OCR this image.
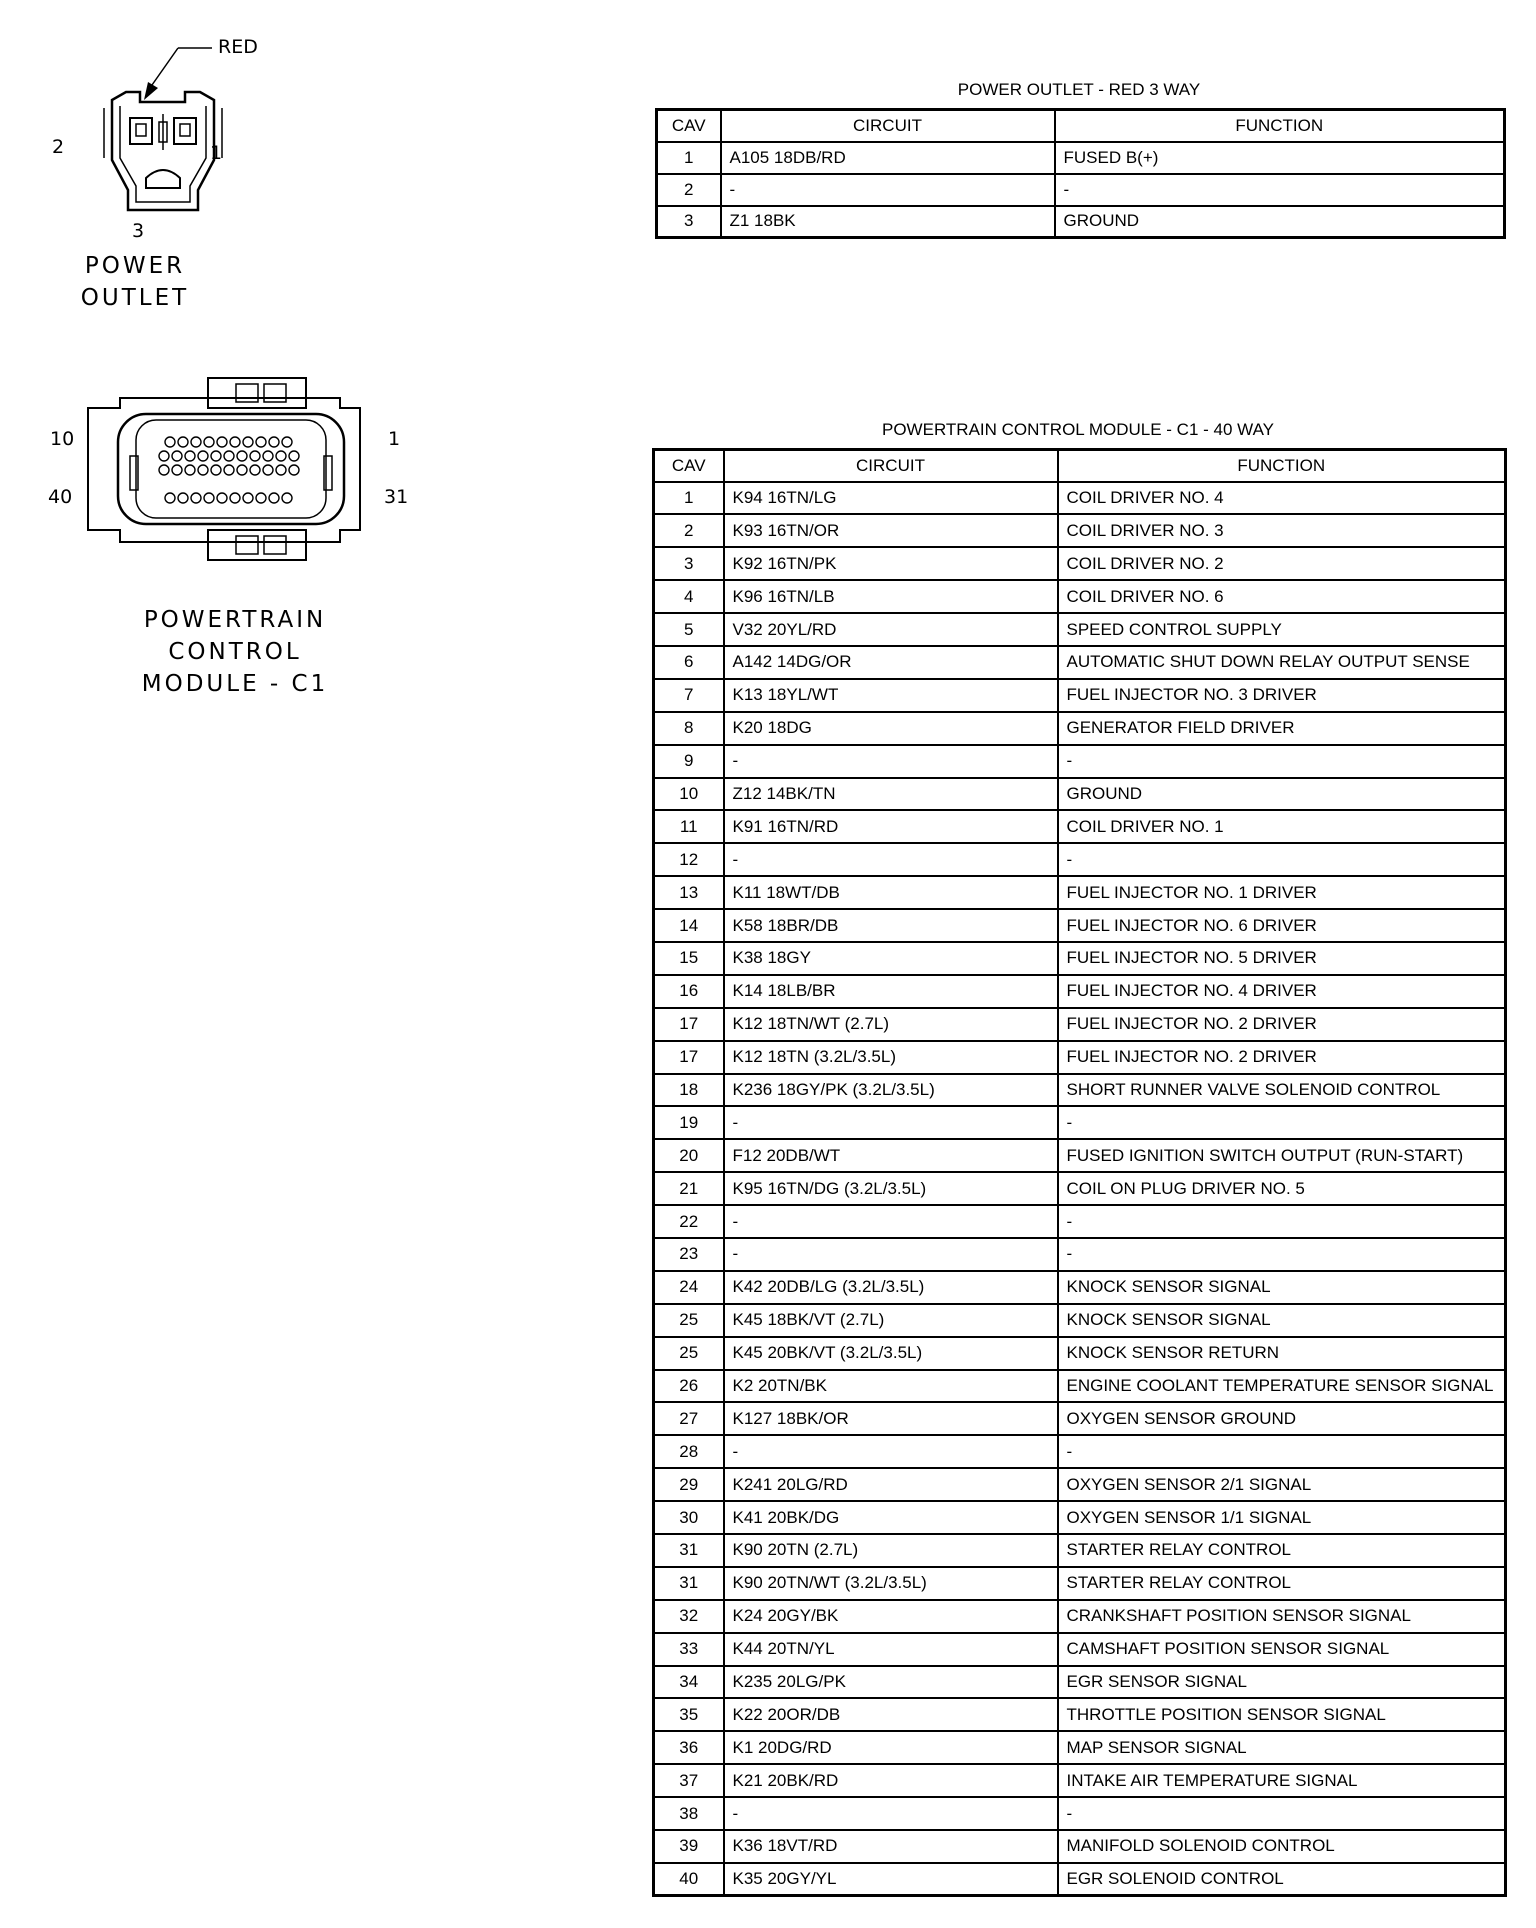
RED
2	1
3
POWER
OUTLET
10	1
40	31
POWERTRAIN
CONTROL
MODULE - C1
POWER OUTLET - RED 3 WAY
CAV	CIRCUIT	FUNCTION
1	A105 18DB/RD	FUSED B(+)
2	-	-
3	Z1 18BK	GROUND
POWERTRAIN CONTROL MODULE - C1 - 40 WAY
CAV	CIRCUIT	FUNCTION
1	K94 16TN/LG	COIL DRIVER NO. 4
2	K93 16TN/OR	COIL DRIVER NO. 3
3	K92 16TN/PK	COIL DRIVER NO. 2
4	K96 16TN/LB	COIL DRIVER NO. 6
5	V32 20YL/RD	SPEED CONTROL SUPPLY
6	A142 14DG/OR	AUTOMATIC SHUT DOWN RELAY OUTPUT SENSE
7	K13 18YL/WT	FUEL INJECTOR NO. 3 DRIVER
8	K20 18DG	GENERATOR FIELD DRIVER
9	-	-
10	Z12 14BK/TN	GROUND
11	K91 16TN/RD	COIL DRIVER NO. 1
12	-	-
13	K11 18WT/DB	FUEL INJECTOR NO. 1 DRIVER
14	K58 18BR/DB	FUEL INJECTOR NO. 6 DRIVER
15	K38 18GY	FUEL INJECTOR NO. 5 DRIVER
16	K14 18LB/BR	FUEL INJECTOR NO. 4 DRIVER
17	K12 18TN/WT (2.7L)	FUEL INJECTOR NO. 2 DRIVER
17	K12 18TN (3.2L/3.5L)	FUEL INJECTOR NO. 2 DRIVER
18	K236 18GY/PK (3.2L/3.5L)	SHORT RUNNER VALVE SOLENOID CONTROL
19	-	-
20	F12 20DB/WT	FUSED IGNITION SWITCH OUTPUT (RUN-START)
21	K95 16TN/DG (3.2L/3.5L)	COIL ON PLUG DRIVER NO. 5
22	-	-
23	-	-
24	K42 20DB/LG (3.2L/3.5L)	KNOCK SENSOR SIGNAL
25	K45 18BK/VT (2.7L)	KNOCK SENSOR SIGNAL
25	K45 20BK/VT (3.2L/3.5L)	KNOCK SENSOR RETURN
26	K2 20TN/BK	ENGINE COOLANT TEMPERATURE SENSOR SIGNAL
27	K127 18BK/OR	OXYGEN SENSOR GROUND
28	-	-
29	K241 20LG/RD	OXYGEN SENSOR 2/1 SIGNAL
30	K41 20BK/DG	OXYGEN SENSOR 1/1 SIGNAL
31	K90 20TN (2.7L)	STARTER RELAY CONTROL
31	K90 20TN/WT (3.2L/3.5L)	STARTER RELAY CONTROL
32	K24 20GY/BK	CRANKSHAFT POSITION SENSOR SIGNAL
33	K44 20TN/YL	CAMSHAFT POSITION SENSOR SIGNAL
34	K235 20LG/PK	EGR SENSOR SIGNAL
35	K22 20OR/DB	THROTTLE POSITION SENSOR SIGNAL
36	K1 20DG/RD	MAP SENSOR SIGNAL
37	K21 20BK/RD	INTAKE AIR TEMPERATURE SIGNAL
38	-	-
39	K36 18VT/RD	MANIFOLD SOLENOID CONTROL
40	K35 20GY/YL	EGR SOLENOID CONTROL
